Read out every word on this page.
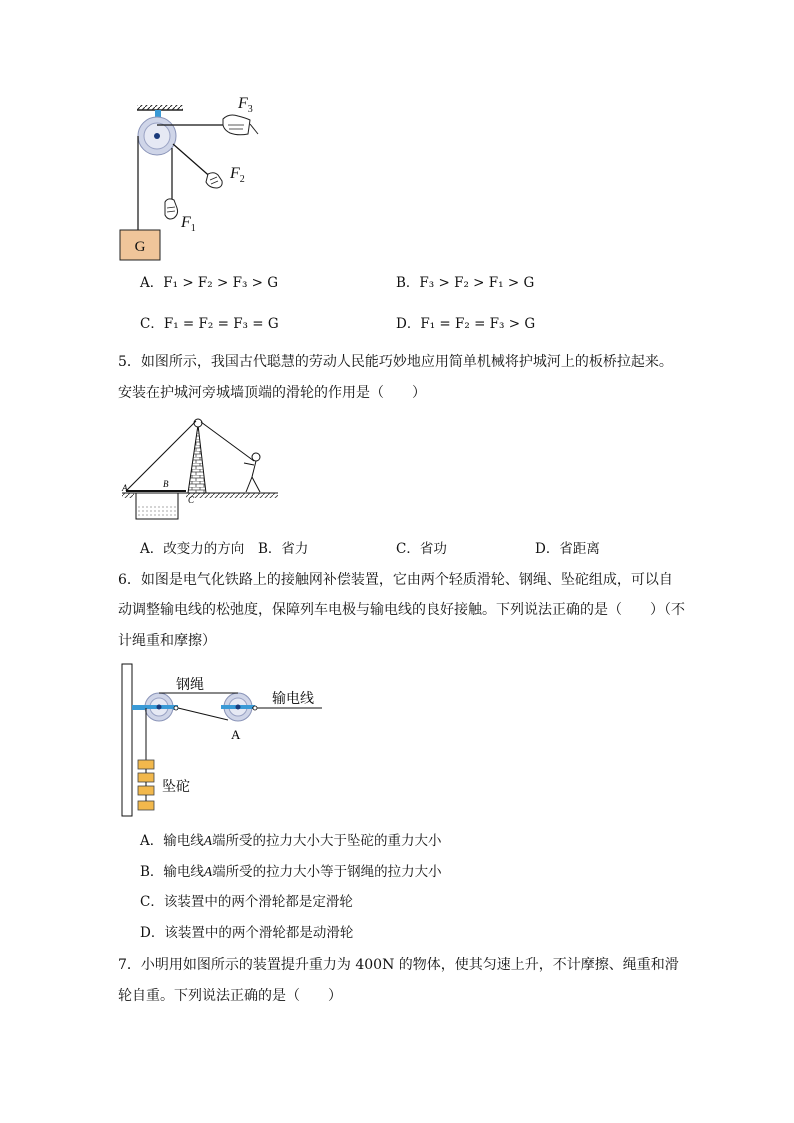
G
$F_3$
$F_2$
$F_1$
A．F₁ > F₂ > F₃ > G	B．F₃ > F₂ > F₁ > G
C．F₁ = F₂ = F₃ = G	D．F₁ = F₂ = F₃ > G
5．如图所示，我国古代聪慧的劳动人民能巧妙地应用简单机械将护城河上的板桥拉起来。
安装在护城河旁城墙顶端的滑轮的作用是（　　）
A	B
C
A．改变力的方向 B．省力	C．省功	D．省距离
6．如图是电气化铁路上的接触网补偿装置，它由两个轻质滑轮、钢绳、坠砣组成，可以自
动调整输电线的松弛度，保障列车电极与输电线的良好接触。下列说法正确的是（　　）（不
计绳重和摩擦）
钢绳
输电线
A
坠砣
A．输电线A端所受的拉力大小大于坠砣的重力大小
B．输电线A端所受的拉力大小等于钢绳的拉力大小
C．该装置中的两个滑轮都是定滑轮
D．该装置中的两个滑轮都是动滑轮
7．小明用如图所示的装置提升重力为 400N 的物体，使其匀速上升，不计摩擦、绳重和滑
轮自重。下列说法正确的是（　　）
